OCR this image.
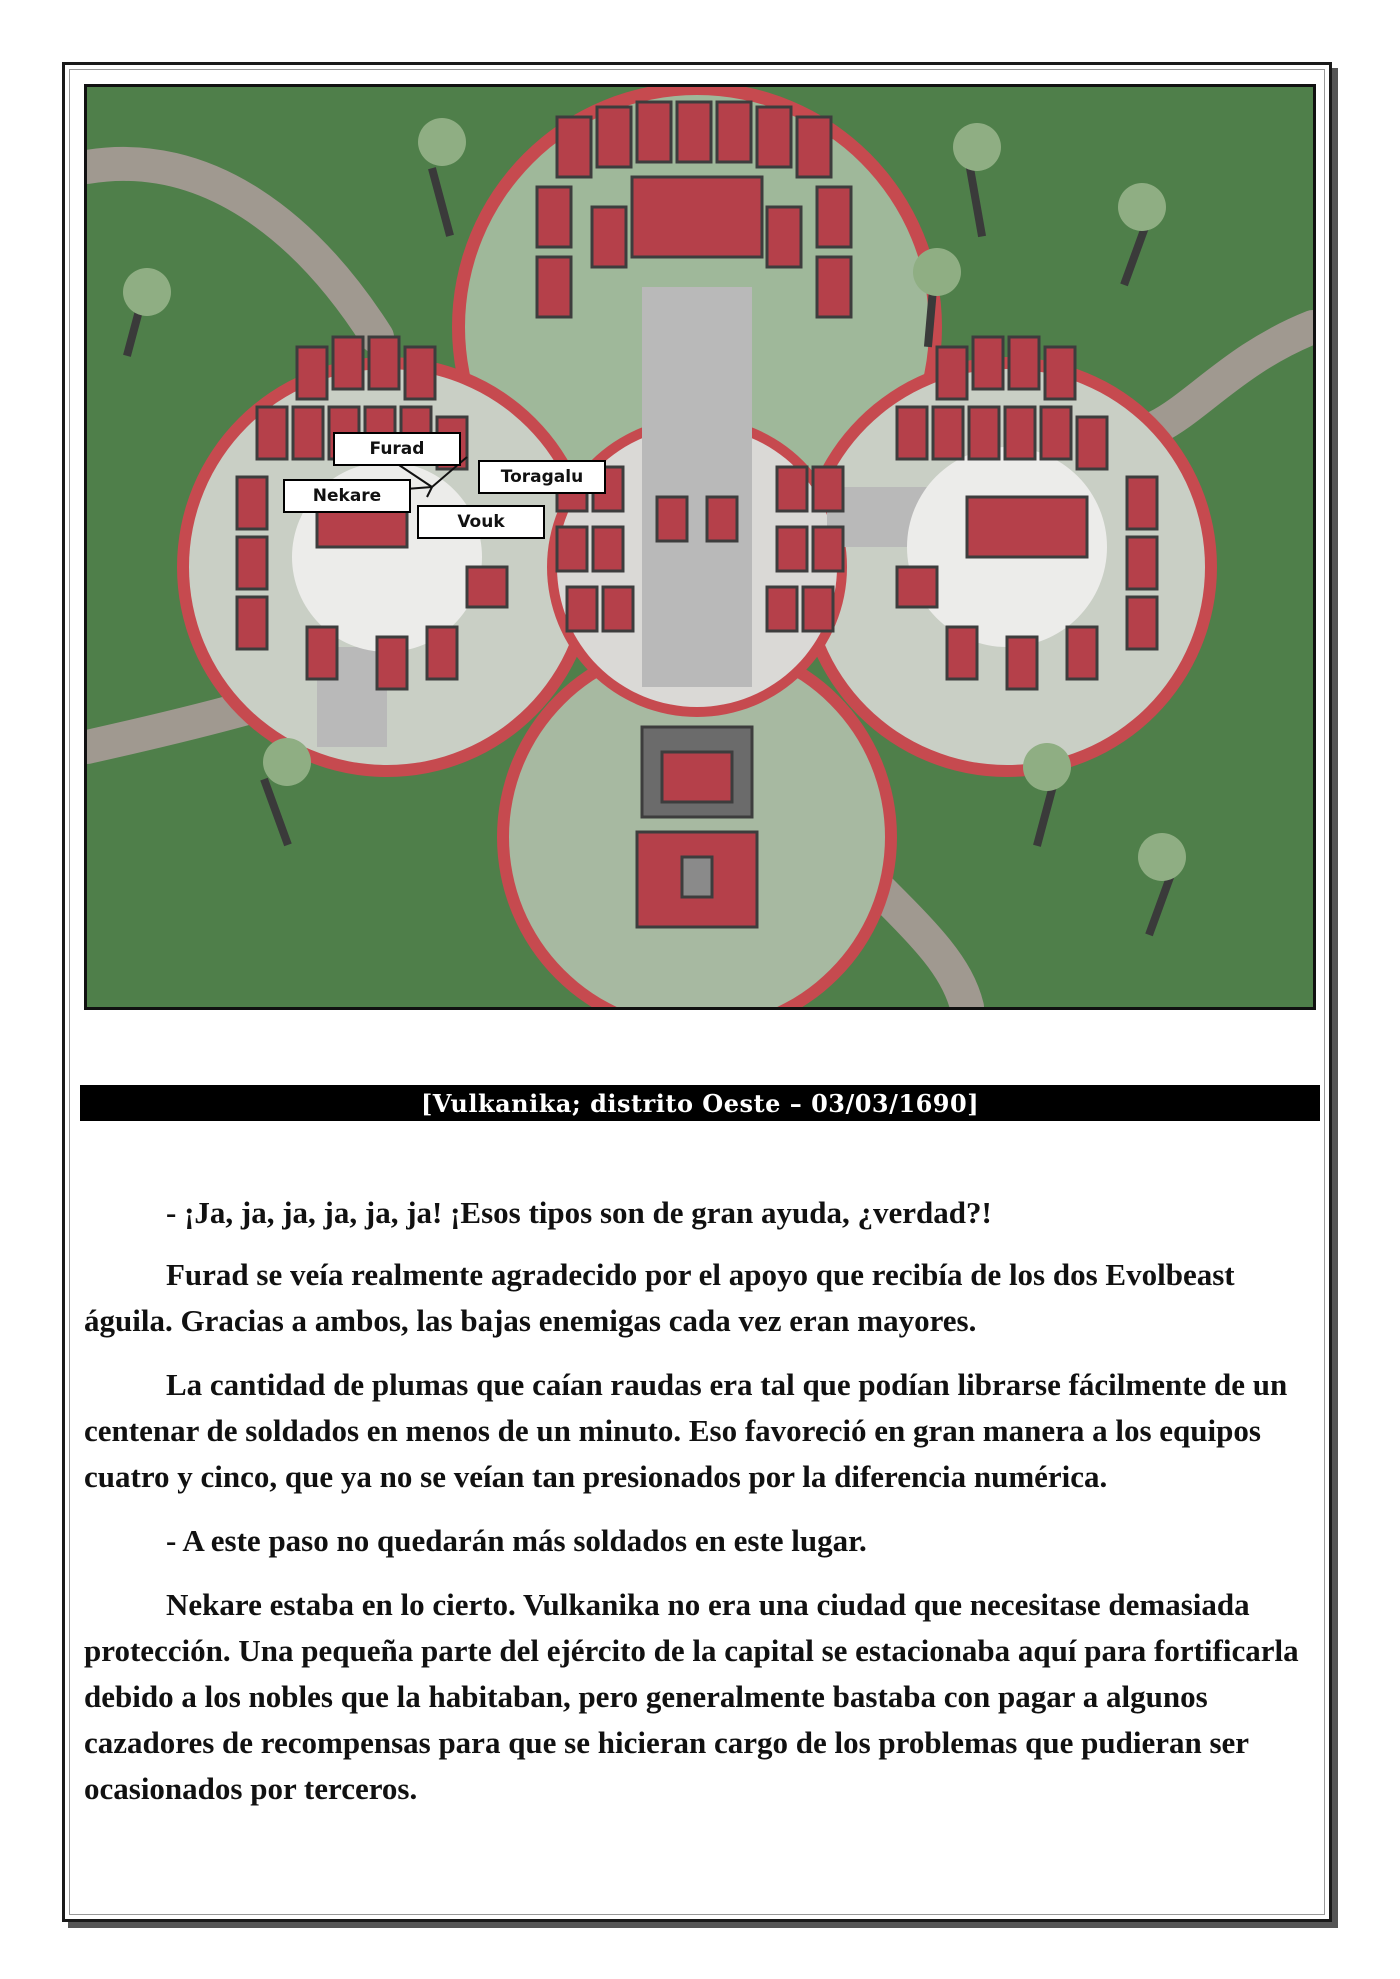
Furad
Nekare
Toragalu
Vouk
[Vulkanika; distrito Oeste – 03/03/1690]

- ¡Ja, ja, ja, ja, ja, ja! ¡Esos tipos son de gran ayuda, ¿verdad?!

Furad se veía realmente agradecido por el apoyo que recibía de los dos Evolbeast águila. Gracias a ambos, las bajas enemigas cada vez eran mayores.

La cantidad de plumas que caían raudas era tal que podían librarse fácilmente de un centenar de soldados en menos de un minuto. Eso favoreció en gran manera a los equipos cuatro y cinco, que ya no se veían tan presionados por la diferencia numérica.

- A este paso no quedarán más soldados en este lugar.

Nekare estaba en lo cierto. Vulkanika no era una ciudad que necesitase demasiada protección. Una pequeña parte del ejército de la capital se estacionaba aquí para fortificarla debido a los nobles que la habitaban, pero generalmente bastaba con pagar a algunos cazadores de recompensas para que se hicieran cargo de los problemas que pudieran ser ocasionados por terceros.
